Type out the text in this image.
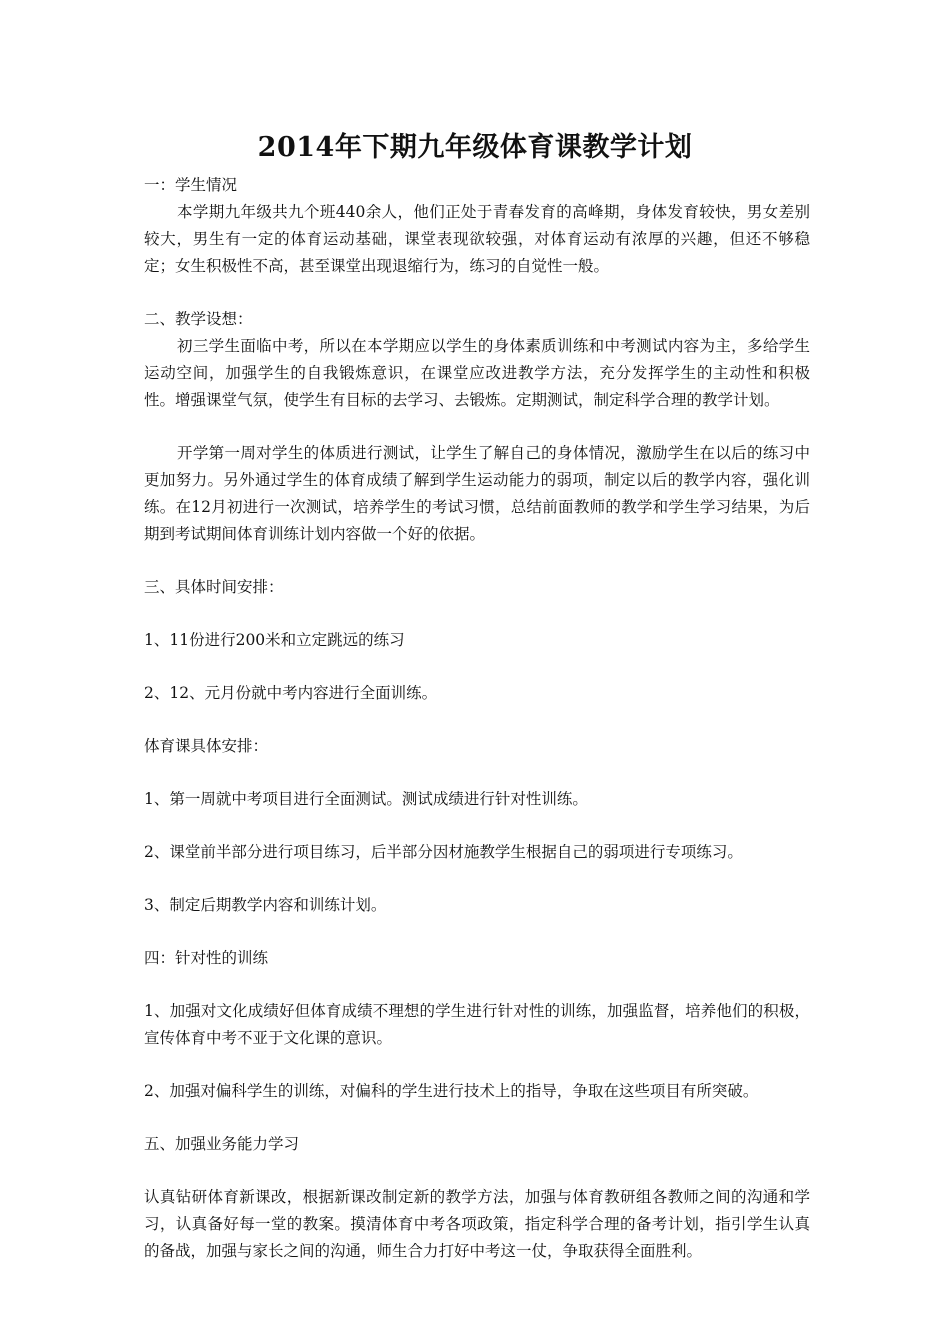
2014年下期九年级体育课教学计划

一：学生情况

本学期九年级共九个班440余人，他们正处于青春发育的高峰期，身体发育较快，男女差别较大，男生有一定的体育运动基础，课堂表现欲较强，对体育运动有浓厚的兴趣，但还不够稳定；女生积极性不高，甚至课堂出现退缩行为，练习的自觉性一般。

二、教学设想：

初三学生面临中考，所以在本学期应以学生的身体素质训练和中考测试内容为主，多给学生运动空间，加强学生的自我锻炼意识，在课堂应改进教学方法，充分发挥学生的主动性和积极性。增强课堂气氛，使学生有目标的去学习、去锻炼。定期测试，制定科学合理的教学计划。

开学第一周对学生的体质进行测试，让学生了解自己的身体情况，激励学生在以后的练习中更加努力。另外通过学生的体育成绩了解到学生运动能力的弱项，制定以后的教学内容，强化训练。在12月初进行一次测试，培养学生的考试习惯，总结前面教师的教学和学生学习结果，为后期到考试期间体育训练计划内容做一个好的依据。

三、具体时间安排：

1、11份进行200米和立定跳远的练习

2、12、元月份就中考内容进行全面训练。

体育课具体安排：

1、第一周就中考项目进行全面测试。测试成绩进行针对性训练。

2、课堂前半部分进行项目练习，后半部分因材施教学生根据自己的弱项进行专项练习。

3、制定后期教学内容和训练计划。

四：针对性的训练

1、加强对文化成绩好但体育成绩不理想的学生进行针对性的训练，加强监督，培养他们的积极，宣传体育中考不亚于文化课的意识。

2、加强对偏科学生的训练，对偏科的学生进行技术上的指导，争取在这些项目有所突破。

五、加强业务能力学习

认真钻研体育新课改，根据新课改制定新的教学方法，加强与体育教研组各教师之间的沟通和学习，认真备好每一堂的教案。摸清体育中考各项政策，指定科学合理的备考计划，指引学生认真的备战，加强与家长之间的沟通，师生合力打好中考这一仗，争取获得全面胜利。
